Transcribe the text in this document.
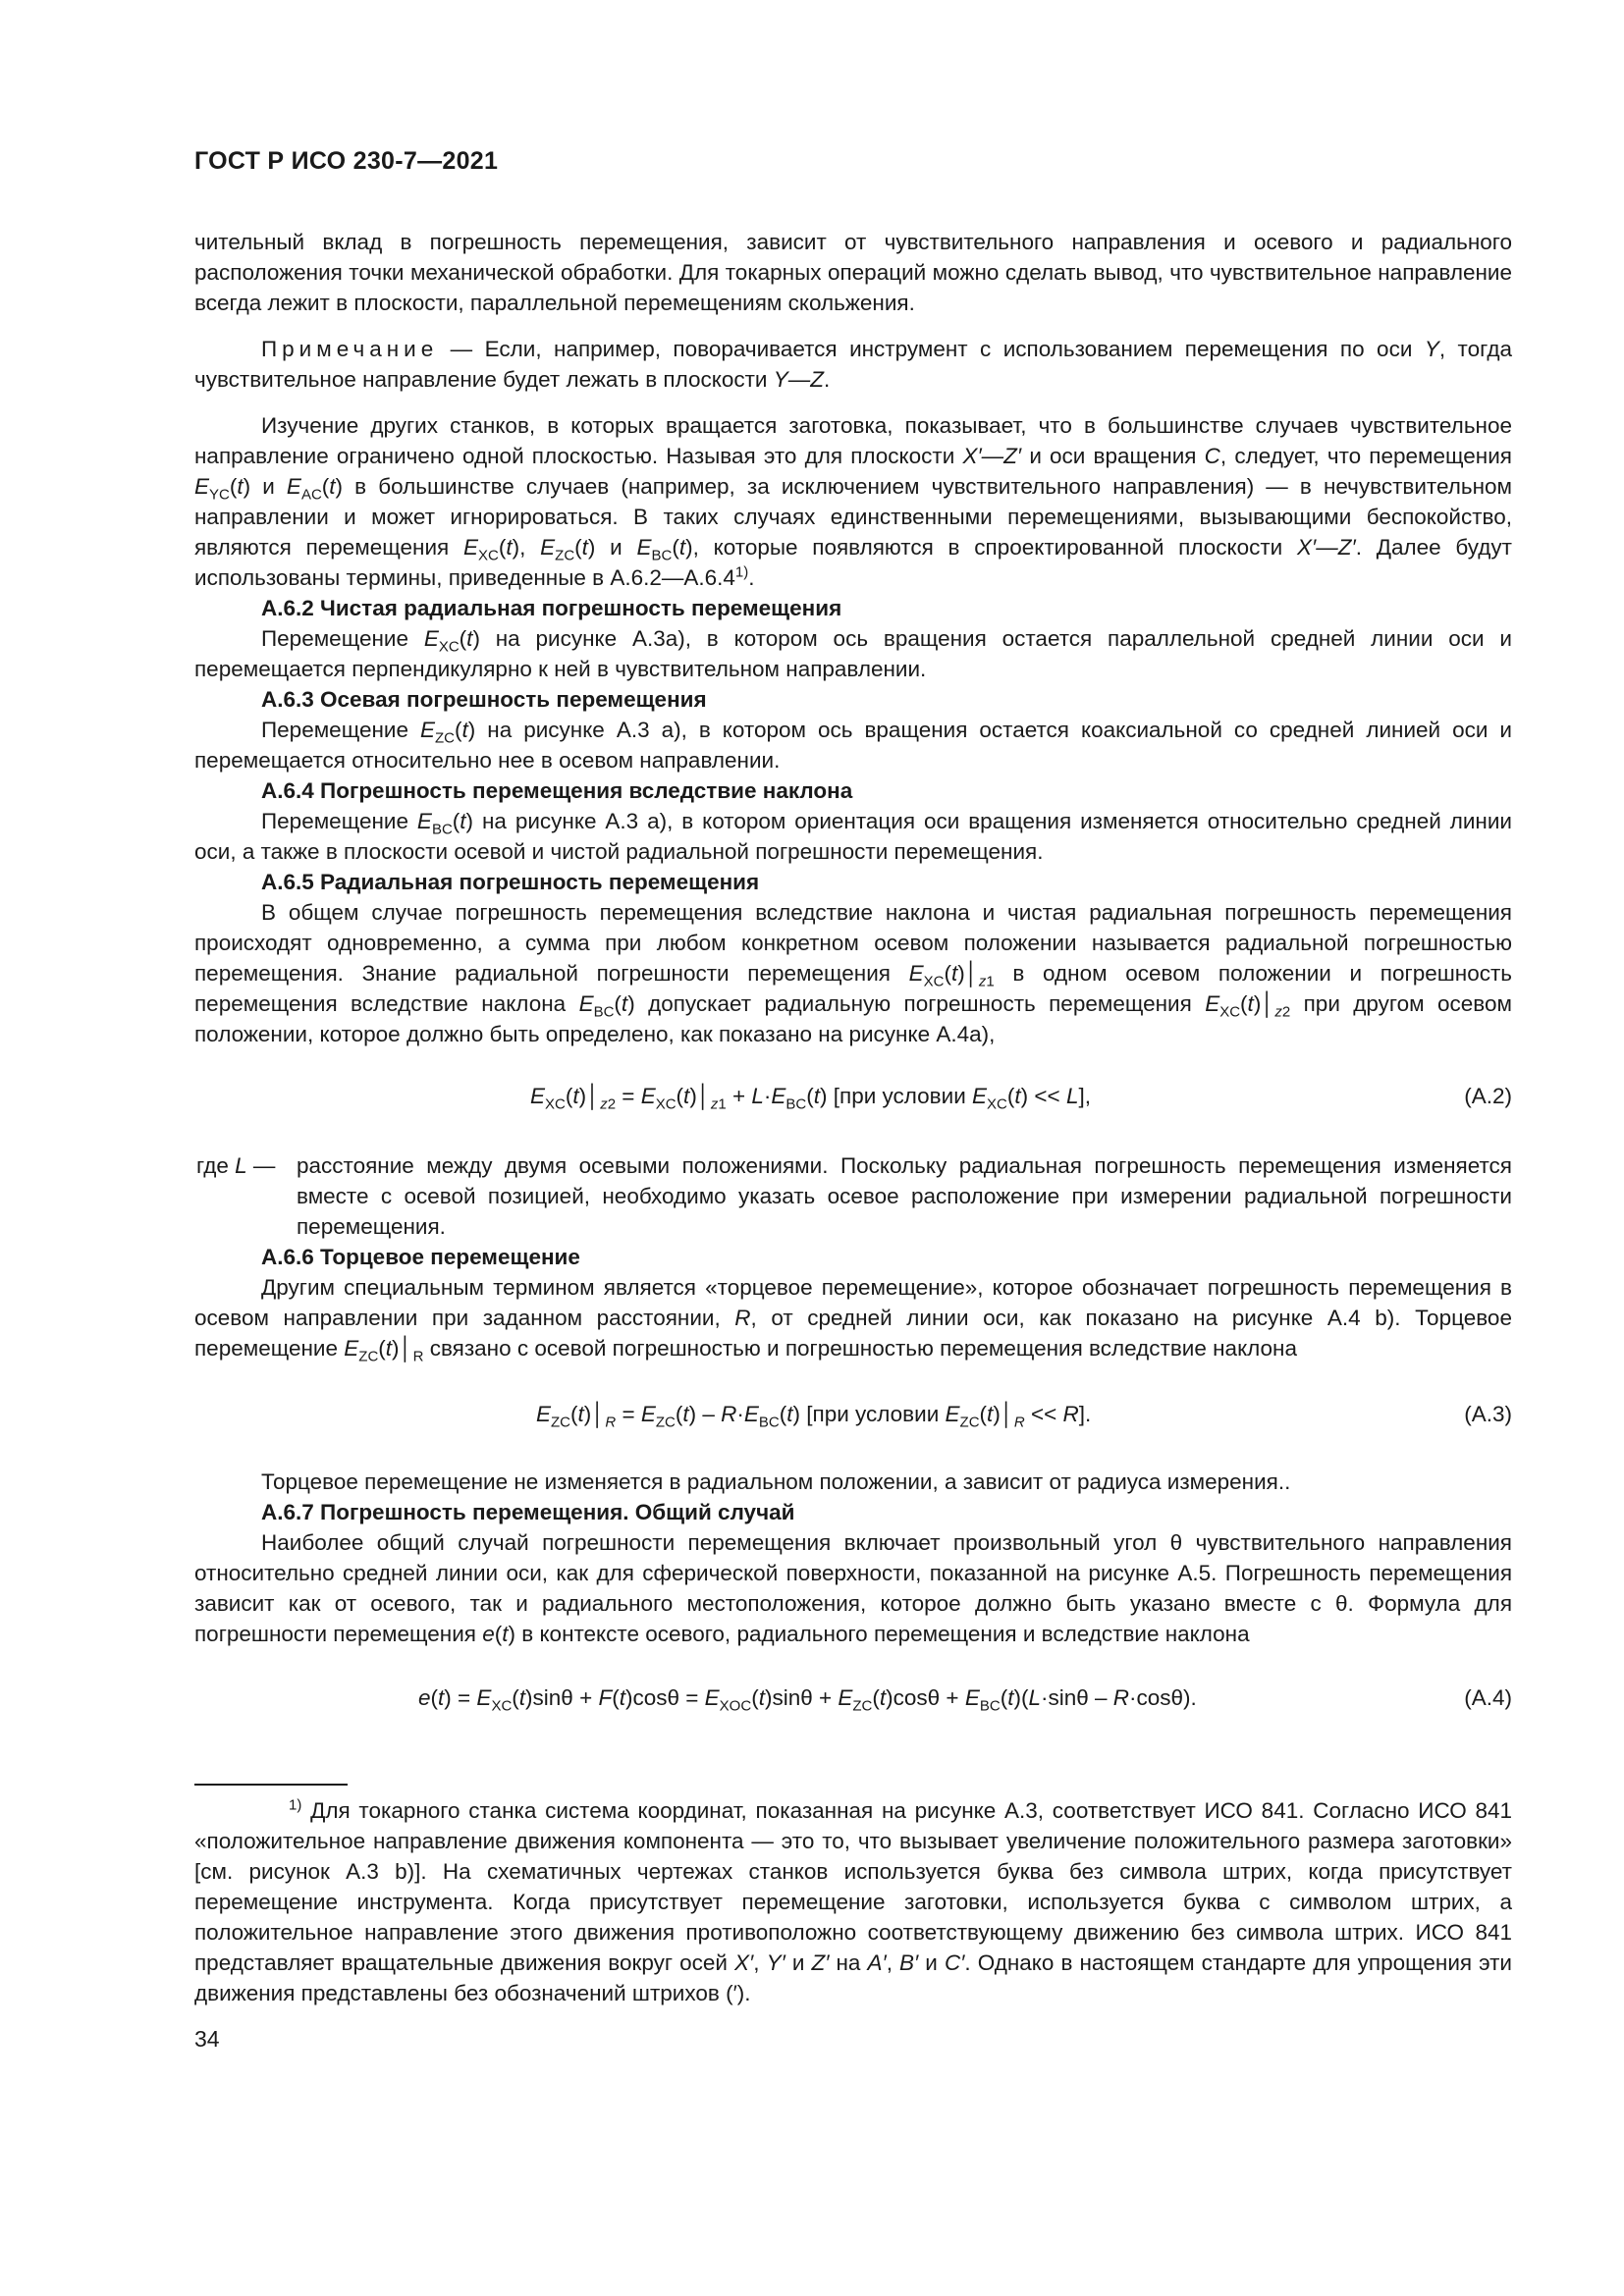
ГОСТ Р ИСО 230-7—2021

чительный вклад в погрешность перемещения, зависит от чувствительного направления и осевого и радиального расположения точки механической обработки. Для токарных операций можно сделать вывод, что чувствительное направление всегда лежит в плоскости, параллельной перемещениям скольжения.

Примечание — Если, например, поворачивается инструмент с использованием перемещения по оси Y, тогда чувствительное направление будет лежать в плоскости Y—Z.

Изучение других станков, в которых вращается заготовка, показывает, что в большинстве случаев чувствительное направление ограничено одной плоскостью. Называя это для плоскости X′—Z′ и оси вращения C, следует, что перемещения $E_{YC}(t)$ и $E_{AC}(t)$ в большинстве случаев (например, за исключением чувствительного направления) — в нечувствительном направлении и может игнорироваться. В таких случаях единственными перемещениями, вызывающими беспокойство, являются перемещения $E_{XC}(t)$, $E_{ZC}(t)$ и $E_{BC}(t)$, которые появляются в спроектированной плоскости X′—Z′. Далее будут использованы термины, приведенные в А.6.2—А.6.4$^{1)}$.

А.6.2 Чистая радиальная погрешность перемещения

Перемещение $E_{XC}(t)$ на рисунке А.3а), в котором ось вращения остается параллельной средней линии оси и перемещается перпендикулярно к ней в чувствительном направлении.

А.6.3 Осевая погрешность перемещения

Перемещение $E_{ZC}(t)$ на рисунке А.3 а), в котором ось вращения остается коаксиальной со средней линией оси и перемещается относительно нее в осевом направлении.

А.6.4 Погрешность перемещения вследствие наклона

Перемещение $E_{BC}(t)$ на рисунке А.3 а), в котором ориентация оси вращения изменяется относительно средней линии оси, а также в плоскости осевой и чистой радиальной погрешности перемещения.

А.6.5 Радиальная погрешность перемещения

В общем случае погрешность перемещения вследствие наклона и чистая радиальная погрешность перемещения происходят одновременно, а сумма при любом конкретном осевом положении называется радиальной погрешностью перемещения. Знание радиальной погрешности перемещения $E_{XC}(t)│_{z1}$ в одном осевом положении и погрешность перемещения вследствие наклона $E_{BC}(t)$ допускает радиальную погрешность перемещения $E_{XC}(t)│_{z2}$ при другом осевом положении, которое должно быть определено, как показано на рисунке А.4а),

$E_{XC}(t)│_{z2}$ = $E_{XC}(t)│_{z1} + L\cdot E_{BC}(t)$ [при условии $E_{XC}(t) << L$],	(A.2)
где L — расстояние между двумя осевыми положениями. Поскольку радиальная погрешность перемещения изменяется вместе с осевой позицией, необходимо указать осевое расположение при измерении радиальной погрешности перемещения.

А.6.6 Торцевое перемещение

Другим специальным термином является «торцевое перемещение», которое обозначает погрешность перемещения в осевом направлении при заданном расстоянии, R, от средней линии оси, как показано на рисунке А.4 b). Торцевое перемещение $E_{ZC}(t)│_R$ связано с осевой погрешностью и погрешностью перемещения вследствие наклона

$E_{ZC}(t)│_R = E_{ZC}(t) - R\cdot E_{BC}(t)$ [при условии $E_{ZC}(t)│_R << R$].	(A.3)

Торцевое перемещение не изменяется в радиальном положении, а зависит от радиуса измерения..

А.6.7 Погрешность перемещения. Общий случай

Наиболее общий случай погрешности перемещения включает произвольный угол θ чувствительного направления относительно средней линии оси, как для сферической поверхности, показанной на рисунке А.5. Погрешность перемещения зависит как от осевого, так и радиального местоположения, которое должно быть указано вместе с θ. Формула для погрешности перемещения e(t) в контексте осевого, радиального перемещения и вследствие наклона

$e(t) = E_{XC}(t)\sin\theta + F(t)\cos\theta = E_{XOC}(t)\sin\theta + E_{ZC}(t)\cos\theta + E_{BC}(t)(L\cdot\sin\theta - R\cdot\cos\theta)$.	(A.4)

$^{1)}$ Для токарного станка система координат, показанная на рисунке А.3, соответствует ИСО 841. Согласно ИСО 841 «положительное направление движения компонента — это то, что вызывает увеличение положительного размера заготовки» [см. рисунок А.3 b)]. На схематичных чертежах станков используется буква без символа штрих, когда присутствует перемещение инструмента. Когда присутствует перемещение заготовки, используется буква с символом штрих, а положительное направление этого движения противоположно соответствующему движению без символа штрих. ИСО 841 представляет вращательные движения вокруг осей X′, Y′ и Z′ на A′, B′ и C′. Однако в настоящем стандарте для упрощения эти движения представлены без обозначений штрихов (′).

34
